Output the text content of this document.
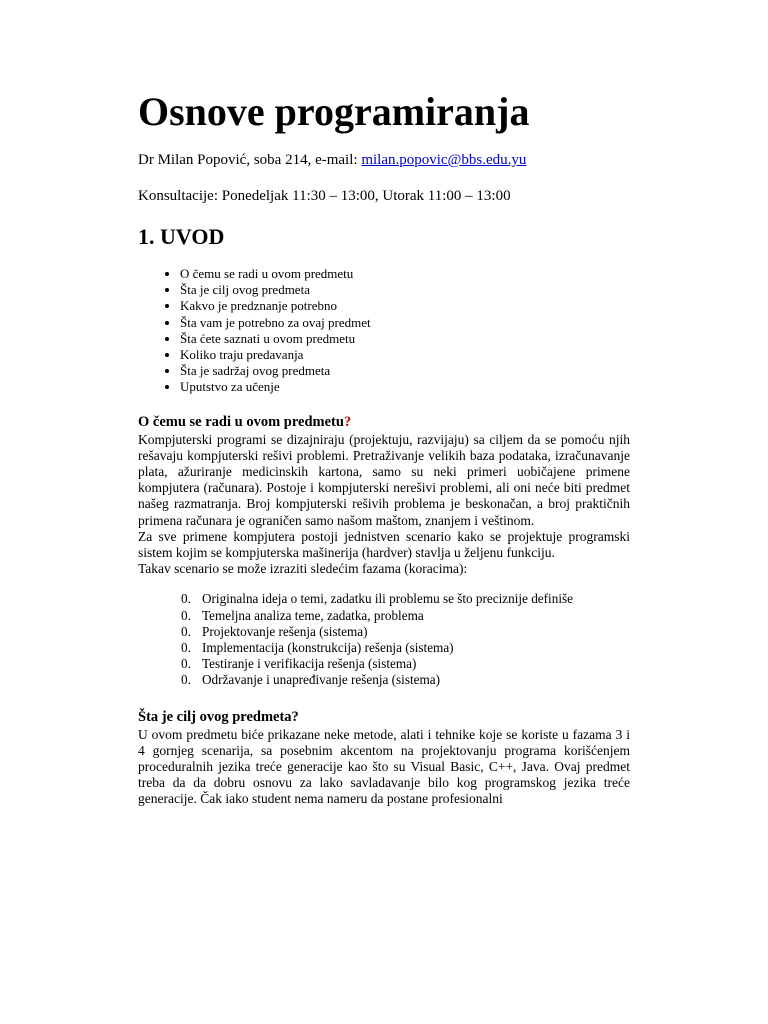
Osnove programiranja

Dr Milan Popović, soba 214, e-mail: milan.popovic@bbs.edu.yu

Konsultacije: Ponedeljak 11:30 – 13:00, Utorak 11:00 – 13:00

1. UVOD
• O čemu se radi u ovom predmetu
• Šta je cilj ovog predmeta
• Kakvo je predznanje potrebno
• Šta vam je potrebno za ovaj predmet
• Šta ćete saznati u ovom predmetu
• Koliko traju predavanja
• Šta je sadržaj ovog predmeta
• Uputstvo za učenje
O čemu se radi u ovom predmetu?

Kompjuterski programi se dizajniraju (projektuju, razvijaju) sa ciljem da se pomoću njih rešavaju kompjuterski rešivi problemi. Pretraživanje velikih baza podataka, izračunavanje plata, ažuriranje medicinskih kartona, samo su neki primeri uobičajene primene kompjutera (računara). Postoje i kompjuterski nerešivi problemi, ali oni neće biti predmet našeg razmatranja. Broj kompjuterski rešivih problema je beskonačan, a broj praktičnih primena računara je ograničen samo našom maštom, znanjem i veštinom.

Za sve primene kompjutera postoji jednistven scenario kako se projektuje programski sistem kojim se kompjuterska mašinerija (hardver) stavlja u željenu funkciju.

Takav scenario se može izraziti sledećim fazama (koracima):

0. Originalna ideja o temi, zadatku ili problemu se što preciznije definiše
0. Temeljna analiza teme, zadatka, problema
0. Projektovanje rešenja (sistema)
0. Implementacija (konstrukcija) rešenja (sistema)
0. Testiranje i verifikacija rešenja (sistema)
0. Održavanje i unapređivanje rešenja (sistema)
Šta je cilj ovog predmeta?

U ovom predmetu biće prikazane neke metode, alati i tehnike koje se koriste u fazama 3 i 4 gornjeg scenarija, sa posebnim akcentom na projektovanju programa korišćenjem proceduralnih jezika treće generacije kao što su Visual Basic, C++, Java. Ovaj predmet treba da da dobru osnovu za lako savladavanje bilo kog programskog jezika treće generacije. Čak iako student nema nameru da postane profesionalni
